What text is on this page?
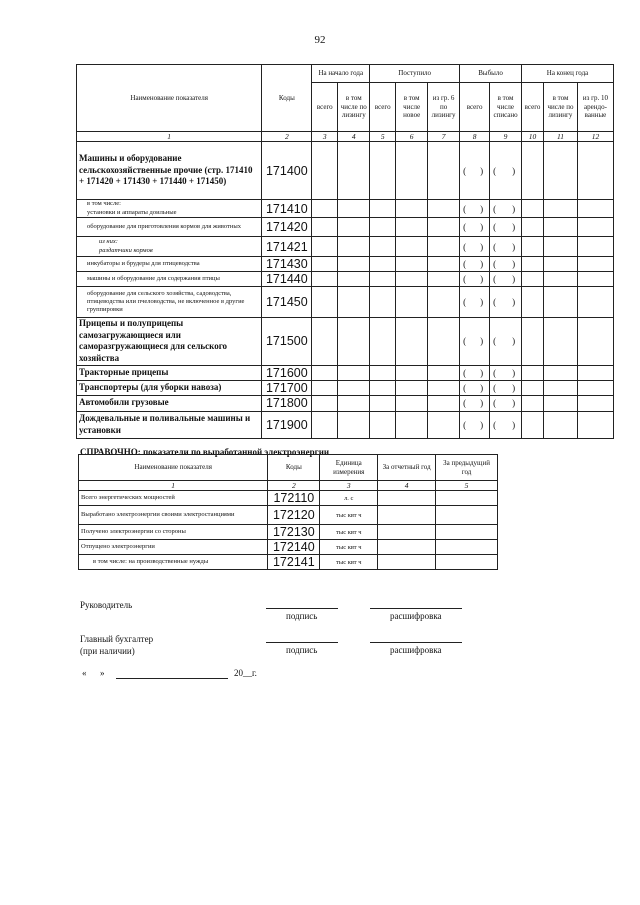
92
Наименование показателя	Коды	На начало года		Поступило			Выбыло		На конец года		
		всего	в том числе по лизингу	всего	в том числе новое	из гр. 6 по лизингу	всего	в том числе списано	всего	в том числе по лизингу	из гр. 10 арендо-ванные
1	2	3	4	5	6	7	8	9	10	11	12
Машины и оборудование сельскохозяйственные прочие (стр. 171410 + 171420 + 171430 + 171440 + 171450)	171400						( )	( )			

в том числе:
установки и аппараты доильные	171410						( )	( )			
оборудование для приготовления кормов для животных	171420						( )	( )			

из них:
раздатчики кормов	171421						( )	( )			
инкубаторы и брудеры для птицеводства	171430						( )	( )			
машины и оборудование для содержания птицы	171440						( )	( )			
оборудование для сельского хозяйства, садоводства, птицеводства или пчеловодства, не включенное в другие группировки	171450						( )	( )			
Прицепы и полуприцепы самозагружающиеся или саморазгружающиеся для сельского хозяйства	171500						( )	( )			
Тракторные прицепы	171600						( )	( )			
Транспортеры (для уборки навоза)	171700						( )	( )			
Автомобили грузовые	171800						( )	( )			
Дождевальные и поливальные машины и установки	171900						( )	( )			
СПРАВОЧНО: показатели по выработанной электроэнергии
Наименование показателя	Коды	Единица измерения	За отчетный год	За предыдущий год
1	2	3	4	5
Всего энергетических мощностей	172110	л. с		
Выработано электроэнергии своими электростанциями	172120	тыс квт ч		
Получено электроэнергии со стороны	172130	тыс квт ч		
Отпущено электроэнергии	172140	тыс квт ч		
в том числе: на производственные нужды	172141	тыс квт ч		
Руководитель
подпись	расшифровка
Главный бухгалтер
(при наличии)	подпись	расшифровка
« »	20__г.
